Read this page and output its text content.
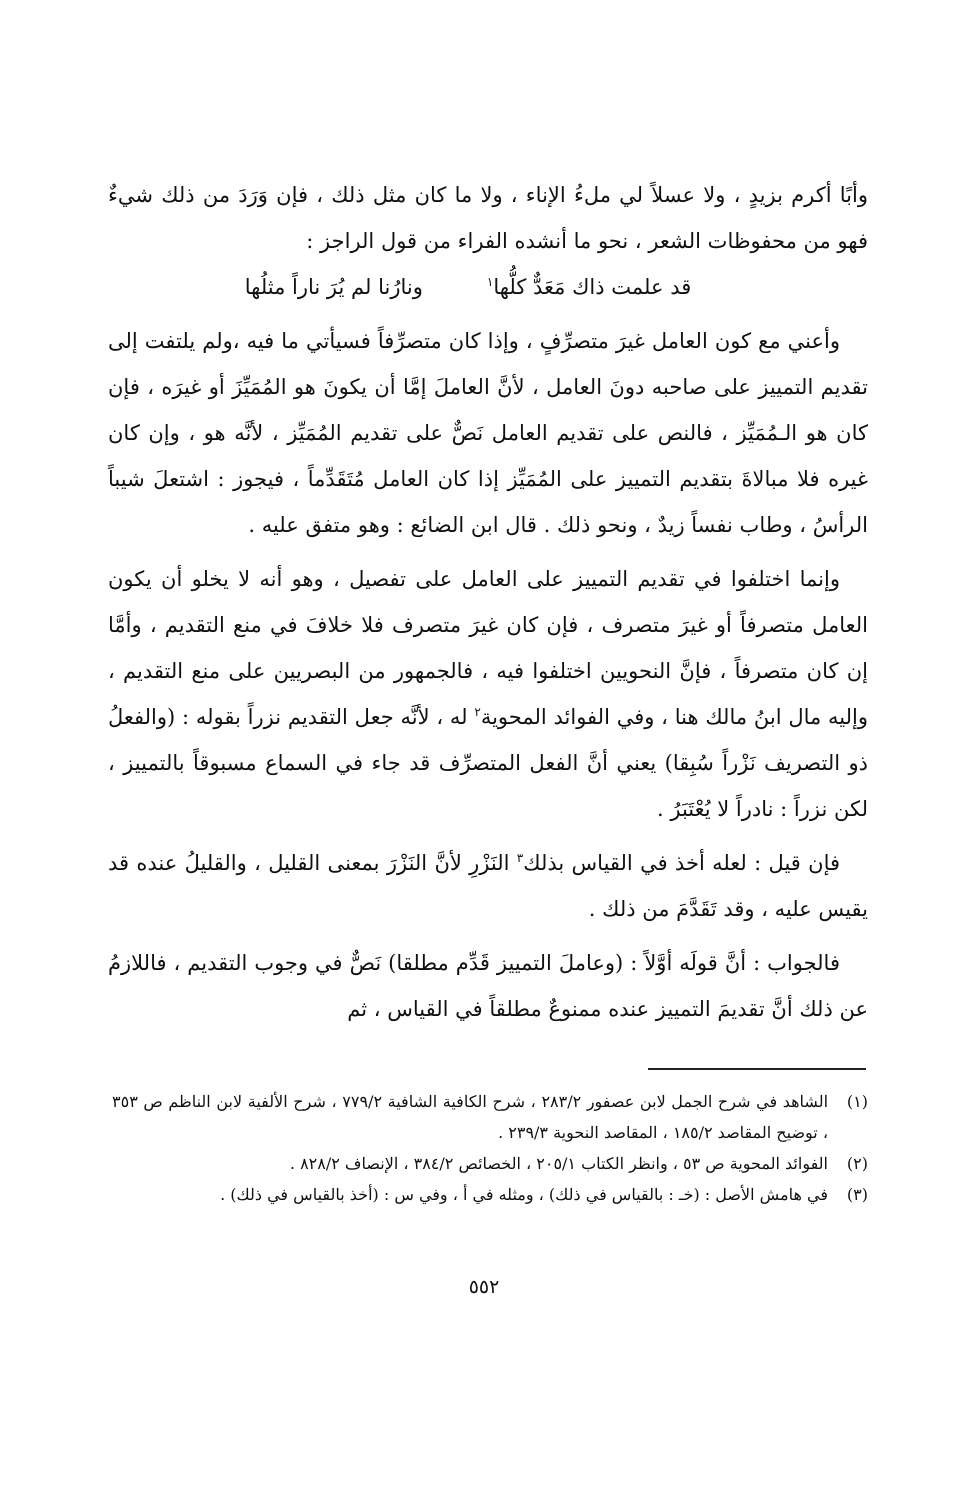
وأبًا أكرم بزيدٍ ، ولا عسلاً لي ملءُ الإناء ، ولا ما كان مثل ذلك ، فإن وَرَدَ من ذلك شيءٌ فهو من محفوظات الشعر ، نحو ما أنشده الفراء من قول الراجز :

قد علمت ذاك مَعَدٌّ كلُّها$^١$
ونارُنا لم يُرَ ناراً مثلُها

وأعني مع كون العامل غيرَ متصرِّفٍ ، وإذا كان متصرِّفاً فسيأتي ما فيه ،ولم يلتفت إلى تقديم التمييز على صاحبه دونَ العامل ، لأنَّ العاملَ إمَّا أن يكونَ هو المُمَيِّزَ أو غيرَه ، فإن كان هو الـمُمَيِّز ، فالنص على تقديم العامل نَصٌّ على تقديم المُمَيِّز ، لأنَّه هو ، وإن كان غيره فلا مبالاةَ بتقديم التمييز على المُمَيِّز إذا كان العامل مُتَقَدِّماً ، فيجوز : اشتعلَ شيباً الرأسُ ، وطاب نفساً زيدٌ ، ونحو ذلك . قال ابن الضائع : وهو متفق عليه .

وإنما اختلفوا في تقديم التمييز على العامل على تفصيل ، وهو أنه لا يخلو أن يكون العامل متصرفاً أو غيرَ متصرف ، فإن كان غيرَ متصرف فلا خلافَ في منع التقديم ، وأمَّا إن كان متصرفاً ، فإنَّ النحويين اختلفوا فيه ، فالجمهور من البصريين على منع التقديم ، وإليه مال ابنُ مالك هنا ، وفي الفوائد المحوية$^٢$ له ، لأنَّه جعل التقديم نزراً بقوله : (والفعلُ ذو التصريف نَزْراً سُبِقا) يعني أنَّ الفعل المتصرِّف قد جاء في السماع مسبوقاً بالتمييز ، لكن نزراً : نادراً لا يُعْتَبَرُ .

فإن قيل : لعله أخذ في القياس بذلك$^٣$ النَزْرِ لأنَّ النَزْرَ بمعنى القليل ، والقليلُ عنده قد يقيس عليه ، وقد تَقَدَّمَ من ذلك .

فالجواب : أنَّ قولَه أوَّلاً : (وعاملَ التمييز قَدِّم مطلقا) نَصٌّ في وجوب التقديم ، فاللازمُ عن ذلك أنَّ تقديمَ التمييز عنده ممنوعٌ مطلقاً في القياس ، ثم

(١)
الشاهد في شرح الجمل لابن عصفور ٢٨٣/٢ ، شرح الكافية الشافية ٧٧٩/٢ ، شرح الألفية لابن الناظم ص ٣٥٣ ، توضيح المقاصد ١٨٥/٢ ، المقاصد النحوية ٢٣٩/٣ .
(٢)
الفوائد المحوية ص ٥٣ ، وانظر الكتاب ٢٠٥/١ ، الخصائص ٣٨٤/٢ ، الإنصاف ٨٢٨/٢ .
(٣)
في هامش الأصل : (خـ : بالقياس في ذلك) ، ومثله في أ ، وفي س : (أخذ بالقياس في ذلك) .
٥٥٢
